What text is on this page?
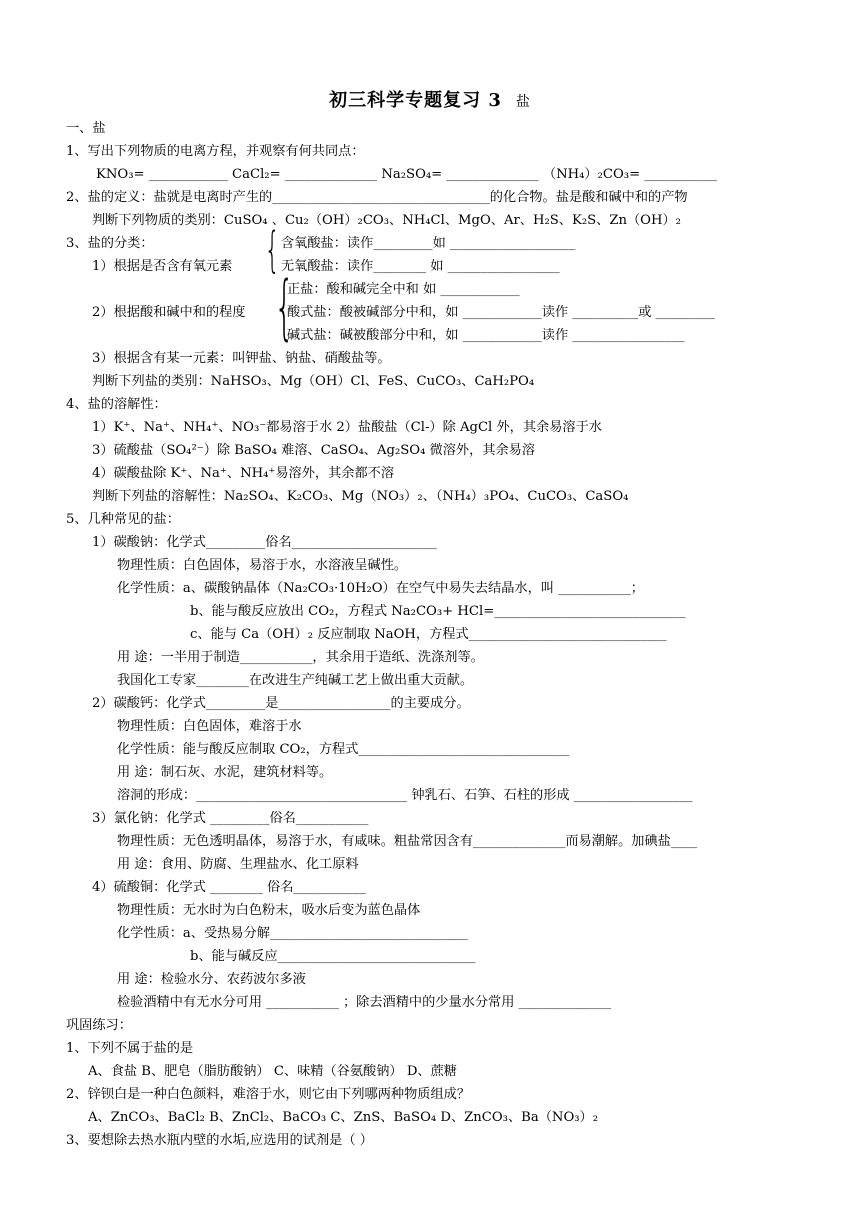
初三科学专题复习 3 盐
一、盐
1、写出下列物质的电离方程，并观察有何共同点：
KNO₃= ____________ CaCl₂= ______________ Na₂SO₄= ______________ （NH₄）₂CO₃= ___________
2、盐的定义：盐就是电离时产生的_________________________________的化合物。盐是酸和碱中和的产物
判断下列物质的类别：CuSO₄ 、Cu₂（OH）₂CO₃、NH₄Cl、MgO、Ar、H₂S、K₂S、Zn（OH）₂
3、盐的分类：	含氧酸盐：读作_________如 ___________________
1）根据是否含有氧元素 { 无氧酸盐：读作________ 如 _________________
正盐：酸和碱完全中和 如 ____________
2）根据酸和碱中和的程度 {
酸式盐：酸被碱部分中和，如 ____________读作 __________或 _________
碱式盐：碱被酸部分中和，如 ____________读作 _________________
3）根据含有某一元素：叫钾盐、钠盐、硝酸盐等。
判断下列盐的类别：NaHSO₃、Mg（OH）Cl、FeS、CuCO₃、CaH₂PO₄
4、盐的溶解性：
1）K⁺、Na⁺、NH₄⁺、NO₃⁻都易溶于水 2）盐酸盐（Cl-）除 AgCl 外，其余易溶于水
3）硫酸盐（SO₄²⁻）除 BaSO₄ 难溶、CaSO₄、Ag₂SO₄ 微溶外，其余易溶
4）碳酸盐除 K⁺、Na⁺、NH₄⁺易溶外，其余都不溶
判断下列盐的溶解性：Na₂SO₄、K₂CO₃、Mg（NO₃）₂、（NH₄）₃PO₄、CuCO₃、CaSO₄
5、几种常见的盐：
1）碳酸钠：化学式_________俗名______________________
物理性质：白色固体，易溶于水，水溶液呈碱性。
化学性质：a、碳酸钠晶体（Na₂CO₃·10H₂O）在空气中易失去结晶水，叫 ___________；
b、能与酸反应放出 CO₂，方程式 Na₂CO₃+ HCl=_____________________________
c、能与 Ca（OH）₂ 反应制取 NaOH，方程式______________________________
用 途：一半用于制造___________，其余用于造纸、洗涤剂等。
我国化工专家________在改进生产纯碱工艺上做出重大贡献。
2）碳酸钙：化学式_________是_________________的主要成分。
物理性质：白色固体，难溶于水
化学性质：能与酸反应制取 CO₂，方程式________________________________
用 途：制石灰、水泥，建筑材料等。
溶洞的形成：________________________________ 钟乳石、石笋、石柱的形成 __________________
3）氯化钠：化学式 _________俗名___________
物理性质：无色透明晶体，易溶于水，有咸味。粗盐常因含有______________而易潮解。加碘盐____
用 途：食用、防腐、生理盐水、化工原料
4）硫酸铜：化学式 ________ 俗名___________
物理性质：无水时为白色粉末，吸水后变为蓝色晶体
化学性质：a、受热易分解______________________________
b、能与碱反应______________________________
用 途：检验水分、农药波尔多液
检验酒精中有无水分可用 ___________ ；除去酒精中的少量水分常用 ______________
巩固练习：
1、下列不属于盐的是
A、食盐 B、肥皂（脂肪酸钠） C、味精（谷氨酸钠） D、蔗糖
2、锌钡白是一种白色颜料，难溶于水，则它由下列哪两种物质组成？
A、ZnCO₃、BaCl₂ B、ZnCl₂、BaCO₃ C、ZnS、BaSO₄ D、ZnCO₃、Ba（NO₃）₂
3、要想除去热水瓶内壁的水垢,应选用的试剂是（ ）
